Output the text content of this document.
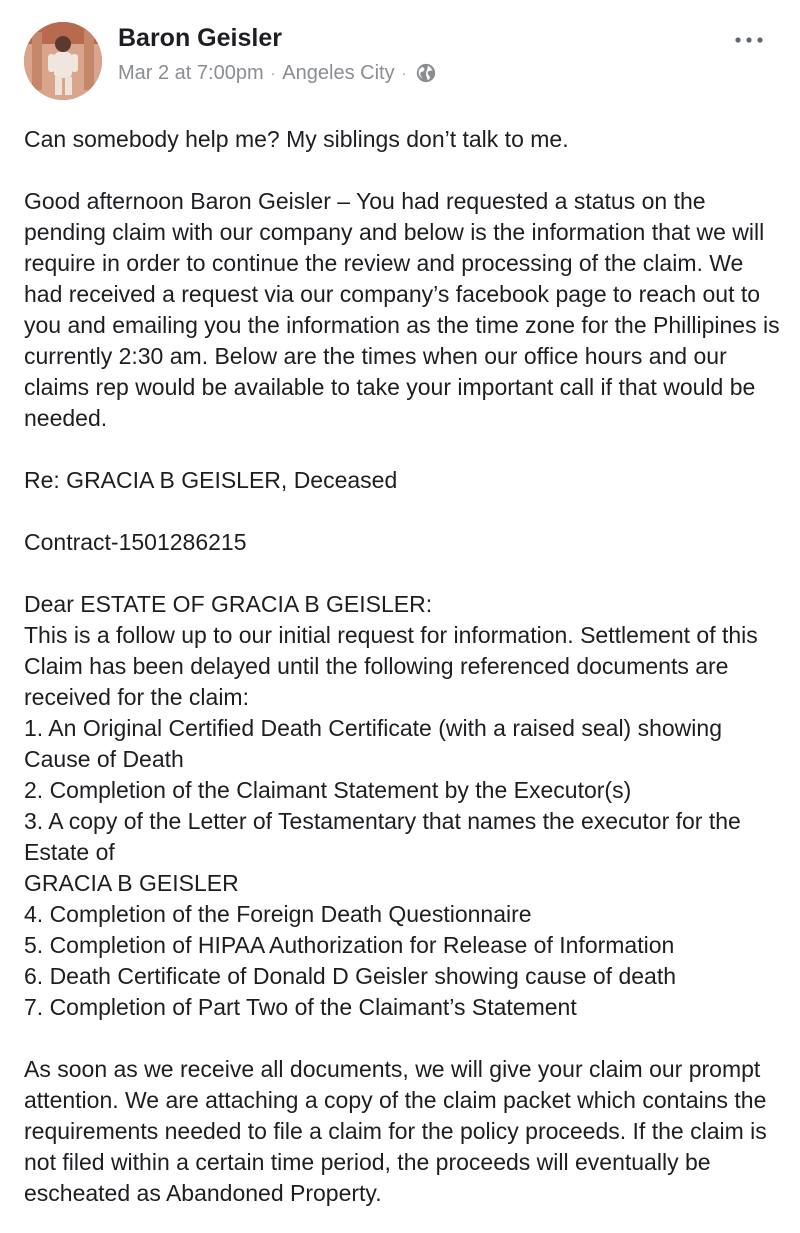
Baron Geisler
Mar 2 at 7:00pm · Angeles City ·

Can somebody help me? My siblings don’t talk to me.

Good afternoon Baron Geisler – You had requested a status on the pending claim with our company and below is the information that we will require in order to continue the review and processing of the claim. We had received a request via our company’s facebook page to reach out to you and emailing you the information as the time zone for the Phillipines is currently 2:30 am. Below are the times when our office hours and our claims rep would be available to take your important call if that would be needed.

Re: GRACIA B GEISLER, Deceased

Contract-1501286215

Dear ESTATE OF GRACIA B GEISLER:
This is a follow up to our initial request for information. Settlement of this Claim has been delayed until the following referenced documents are received for the claim:
1. An Original Certified Death Certificate (with a raised seal) showing Cause of Death
2. Completion of the Claimant Statement by the Executor(s)
3. A copy of the Letter of Testamentary that names the executor for the Estate of
GRACIA B GEISLER
4. Completion of the Foreign Death Questionnaire
5. Completion of HIPAA Authorization for Release of Information
6. Death Certificate of Donald D Geisler showing cause of death
7. Completion of Part Two of the Claimant’s Statement

As soon as we receive all documents, we will give your claim our prompt attention. We are attaching a copy of the claim packet which contains the requirements needed to file a claim for the policy proceeds. If the claim is not filed within a certain time period, the proceeds will eventually be escheated as Abandoned Property.
